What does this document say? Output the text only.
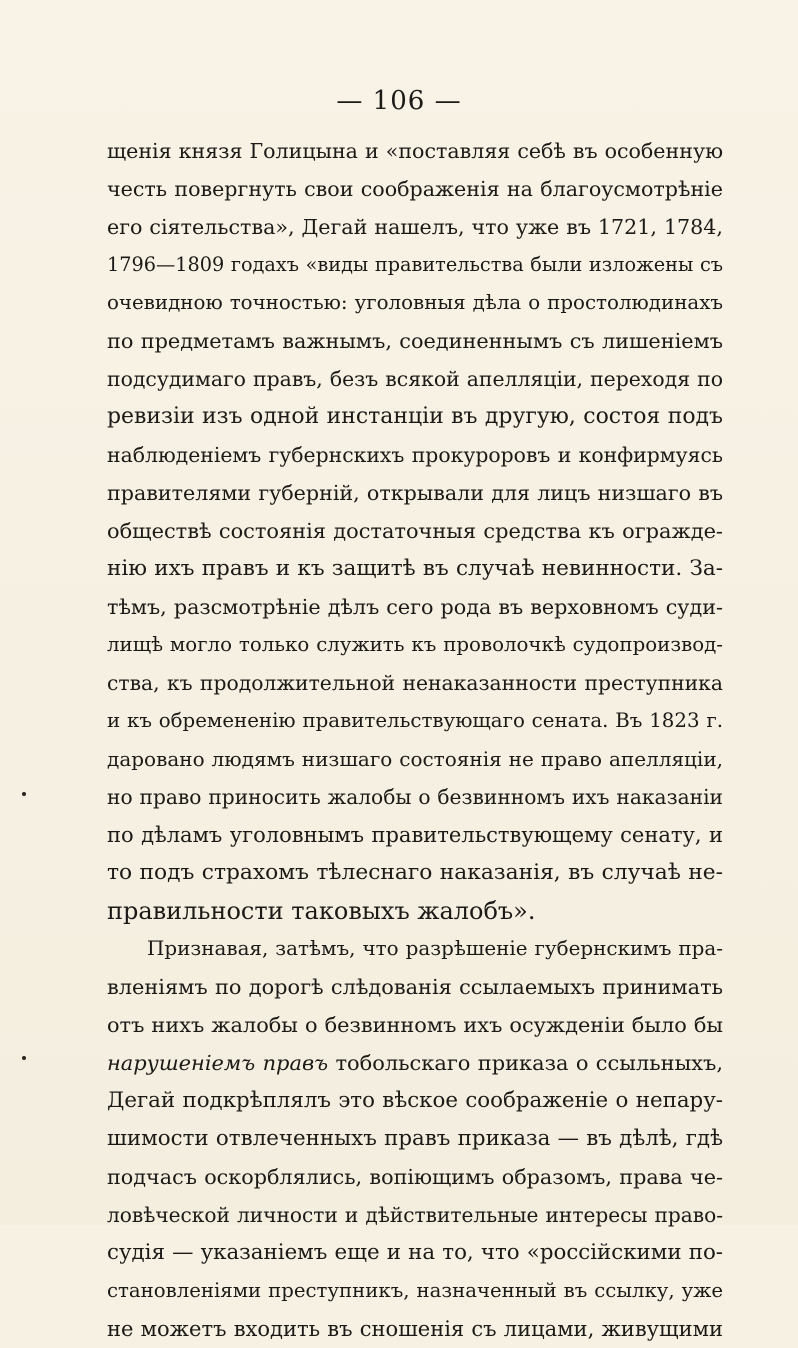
— 106 —
щенія князя Голицына и «поставляя себѣ въ особенную
честь повергнуть свои соображенія на благоусмотрѣніе
его сіятельства», Дегай нашелъ, что уже въ 1721, 1784,
1796—1809 годахъ «виды правительства были изложены съ
очевидною точностью: уголовныя дѣла о простолюдинахъ
по предметамъ важнымъ, соединеннымъ съ лишеніемъ
подсудимаго правъ, безъ всякой апелляціи, переходя по
ревизіи изъ одной инстанціи въ другую, состоя подъ
наблюденіемъ губернскихъ прокуроровъ и конфирмуясь
правителями губерній, открывали для лицъ низшаго въ
обществѣ состоянія достаточныя средства къ огражде-
нію ихъ правъ и къ защитѣ въ случаѣ невинности. За-
тѣмъ, разсмотрѣніе дѣлъ сего рода въ верховномъ суди-
лищѣ могло только служить къ проволочкѣ судопроизвод-
ства, къ продолжительной ненаказанности преступника
и къ обремененію правительствующаго сената. Въ 1823 г.
даровано людямъ низшаго состоянія не право апелляціи,
но право приносить жалобы о безвинномъ ихъ наказаніи
по дѣламъ уголовнымъ правительствующему сенату, и
то подъ страхомъ тѣлеснаго наказанія, въ случаѣ не-
правильности таковыхъ жалобъ».
Признавая, затѣмъ, что разрѣшеніе губернскимъ пра-
вленіямъ по дорогѣ слѣдованія ссылаемыхъ принимать
отъ нихъ жалобы о безвинномъ ихъ осужденіи было бы
нарушеніемъ правъ тобольскаго приказа о ссыльныхъ,
Дегай подкрѣплялъ это вѣское соображеніе о непару-
шимости отвлеченныхъ правъ приказа — въ дѣлѣ, гдѣ
подчасъ оскорблялись, вопіющимъ образомъ, права че-
ловѣческой личности и дѣйствительные интересы право-
судія — указаніемъ еще и на то, что «россійскими по-
становленіями преступникъ, назначенный въ ссылку, уже
не можетъ входить въ сношенія съ лицами, живущими
